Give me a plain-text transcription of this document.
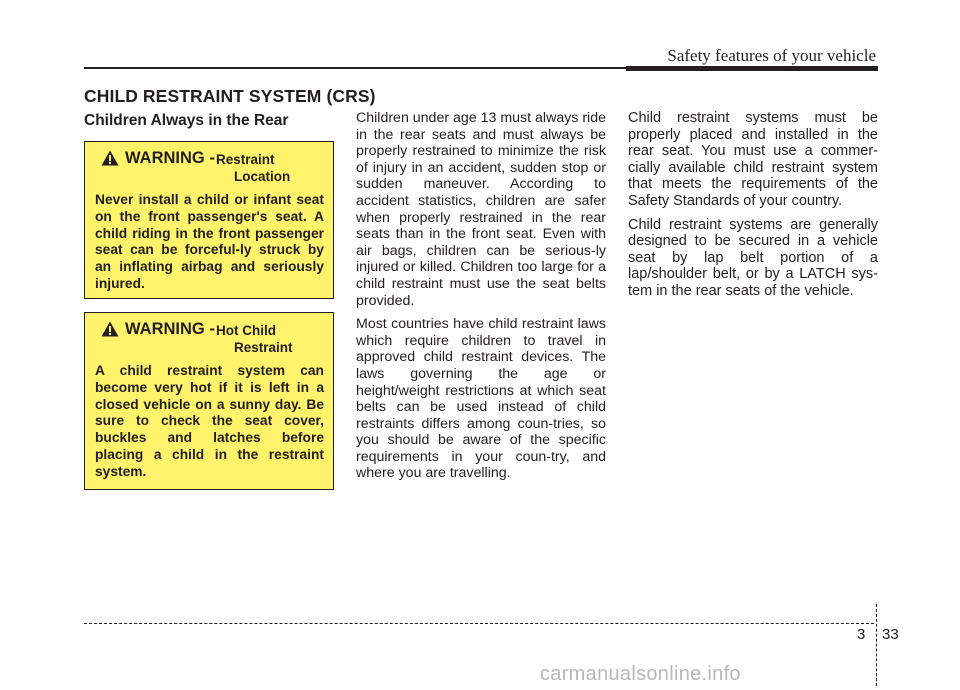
Safety features of your vehicle
CHILD RESTRAINT SYSTEM (CRS)
Children Always in the Rear
WARNING - Restraint
Location
Never install a child or infant seat on the front passenger's seat. A child riding in the front passenger seat can be forceful-ly struck by an inflating airbag and seriously injured.
WARNING - Hot Child
Restraint
A child restraint system can become very hot if it is left in a closed vehicle on a sunny day. Be sure to check the seat cover, buckles and latches before placing a child in the restraint system.

Children under age 13 must always ride in the rear seats and must always be properly restrained to minimize the risk of injury in an accident, sudden stop or sudden maneuver. According to accident statistics, children are safer when properly restrained in the rear seats than in the front seat. Even with air bags, children can be serious-ly injured or killed. Children too large for a child restraint must use the seat belts provided.

Most countries have child restraint laws which require children to travel in approved child restraint devices. The laws governing the age or height/weight restrictions at which seat belts can be used instead of child restraints differs among coun-tries, so you should be aware of the specific requirements in your coun-try, and where you are travelling.

Child restraint systems must be properly placed and installed in the rear seat. You must use a commer-cially available child restraint system that meets the requirements of the Safety Standards of your country.

Child restraint systems are generally designed to be secured in a vehicle seat by lap belt portion of a lap/shoulder belt, or by a LATCH sys-tem in the rear seats of the vehicle.

3 33
carmanualsonline.info
